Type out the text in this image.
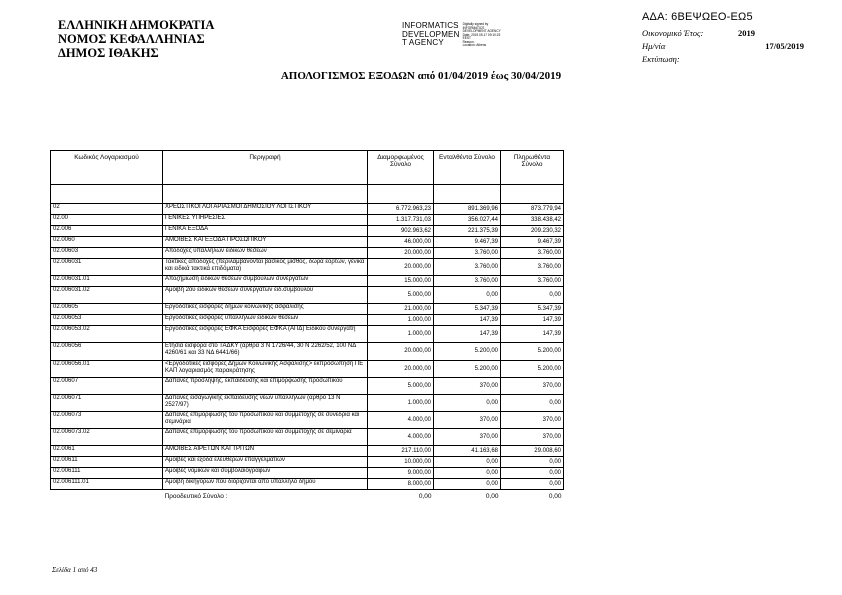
ΕΛΛΗΝΙΚΗ ΔΗΜΟΚΡΑΤΙΑ
ΝΟΜΟΣ ΚΕΦΑΛΛΗΝΙΑΣ
ΔΗΜΟΣ ΙΘΑΚΗΣ
INFORMATICS
DEVELOPMEN
T AGENCY
Digitally signed by
INFORMATICS
DEVELOPMENT AGENCY
Date: 2019.05.17 09:10:23
EEST
Reason:
Location: Athens
ΑΔΑ: 6ΒΕΨΩΕΟ-ΕΩ5
Οικονομικό Έτος:	2019
Ημ/νία	17/05/2019
Εκτύπωση:
ΑΠΟΛΟΓΙΣΜΟΣ ΕΞΟΔΩΝ από 01/04/2019 έως 30/04/2019
Κωδικός Λογαριασμού	Περιγραφή	Διαμορφωμένος Σύνολο	Ενταλθέντα Σύνολο	Πληρωθέντα Σύνολο

02	ΧΡΕΩΣΤΙΚΟΙ ΛΟΓΑΡΙΑΣΜΟΙ ΔΗΜΟΣΙΟΥ ΛΟΓΙΣΤΙΚΟΥ	6.772.963,23	891.369,96	873.779,94
02.00	ΓΕΝΙΚΕΣ ΥΠΗΡΕΣΙΕΣ	1.317.731,03	356.027,44	338.438,42
02.006	ΓΕΝΙΚΑ ΕΞΟΔΑ	902.963,62	221.375,39	209.230,32
02.0060	ΑΜΟΙΒΕΣ ΚΑΙ ΕΞΟΔΑ ΠΡΟΣΩΠΙΚΟΥ	46.000,00	9.467,39	9.467,39
02.00603	Αποδοχές υπαλλήλων ειδικών θέσεων	20.000,00	3.760,00	3.760,00
02.006031	Τακτικές αποδοχές (περιλαμβάνονται βασικός μισθός, δώρα εορτών, γενικά και ειδικά τακτικά επιδόματα)	20.000,00	3.760,00	3.760,00
02.006031.01	Αποζημίωση ειδικών θέσεων συμβούλων συνεργατών	15.000,00	3.760,00	3.760,00
02.006031.02	Αμοιβή 2ου ειδικών θέσεων συνεργατών ειδ.συμβούλου	5.000,00	0,00	0,00
02.00605	Εργοδοτικές εισφορές δήμων κοινωνικής ασφάλισης	21.000,00	5.347,39	5.347,39
02.006053	Εργοδοτικές εισφορές υπαλλήλων ειδικών θέσεων	1.000,00	147,39	147,39
02.006053.02	Εργοδοτικές εισφορές ΕΦΚΑ Εισφορές ΕΦΚΑ (ΑΠΔ) Ειδικού συνεργάτη	1.000,00	147,39	147,39
02.006056	Ετήσια εισφορά στο ΤΑΔΚΥ (άρθρα 3 Ν 1726/44, 30 Ν 2262/52, 100 ΝΔ 4260/61 και 33 ΝΔ 6441/66)	20.000,00	5.200,00	5.200,00
02.006056.01	<Εργοδοτικές εισφορές Δήμων Κοινωνικής Ασφάλισης> εκπροσώπηση ΠΕ ΚΑΠ λογαριασμός παρακράτησης	20.000,00	5.200,00	5.200,00
02.00607	Δαπάνες πρόσληψης, εκπαίδευσης και επιμόρφωσης προσωπικού	5.000,00	370,00	370,00
02.006071	Δαπάνες εισαγωγικής εκπαίδευσης νέων υπαλλήλων (άρθρο 13 Ν 2527/97)	1.000,00	0,00	0,00
02.006073	Δαπάνες επιμόρφωσης του προσωπικού και συμμετοχής σε συνέδρια και σεμινάρια	4.000,00	370,00	370,00
02.006073.02	Δαπάνες επιμόρφωσης του προσωπικού και συμμετοχής σε σεμινάρια	4.000,00	370,00	370,00
02.0061	ΑΜΟΙΒΕΣ ΑΙΡΕΤΩΝ ΚΑΙ ΤΡΙΤΩΝ	217.110,00	41.163,68	29.008,60
02.00611	Αμοιβές και έξοδα ελεύθερων επαγγελματιών	10.000,00	0,00	0,00
02.006111	Αμοιβές νομικών και συμβολαιογράφων	9.000,00	0,00	0,00
02.006111.01	Αμοιβή δικηγόρων που διορίζονται από υπάλληλο δήμου	8.000,00	0,00	0,00
	Προοδευτικό Σύνολο :	0,00	0,00	0,00
Σελίδα 1 από 43
